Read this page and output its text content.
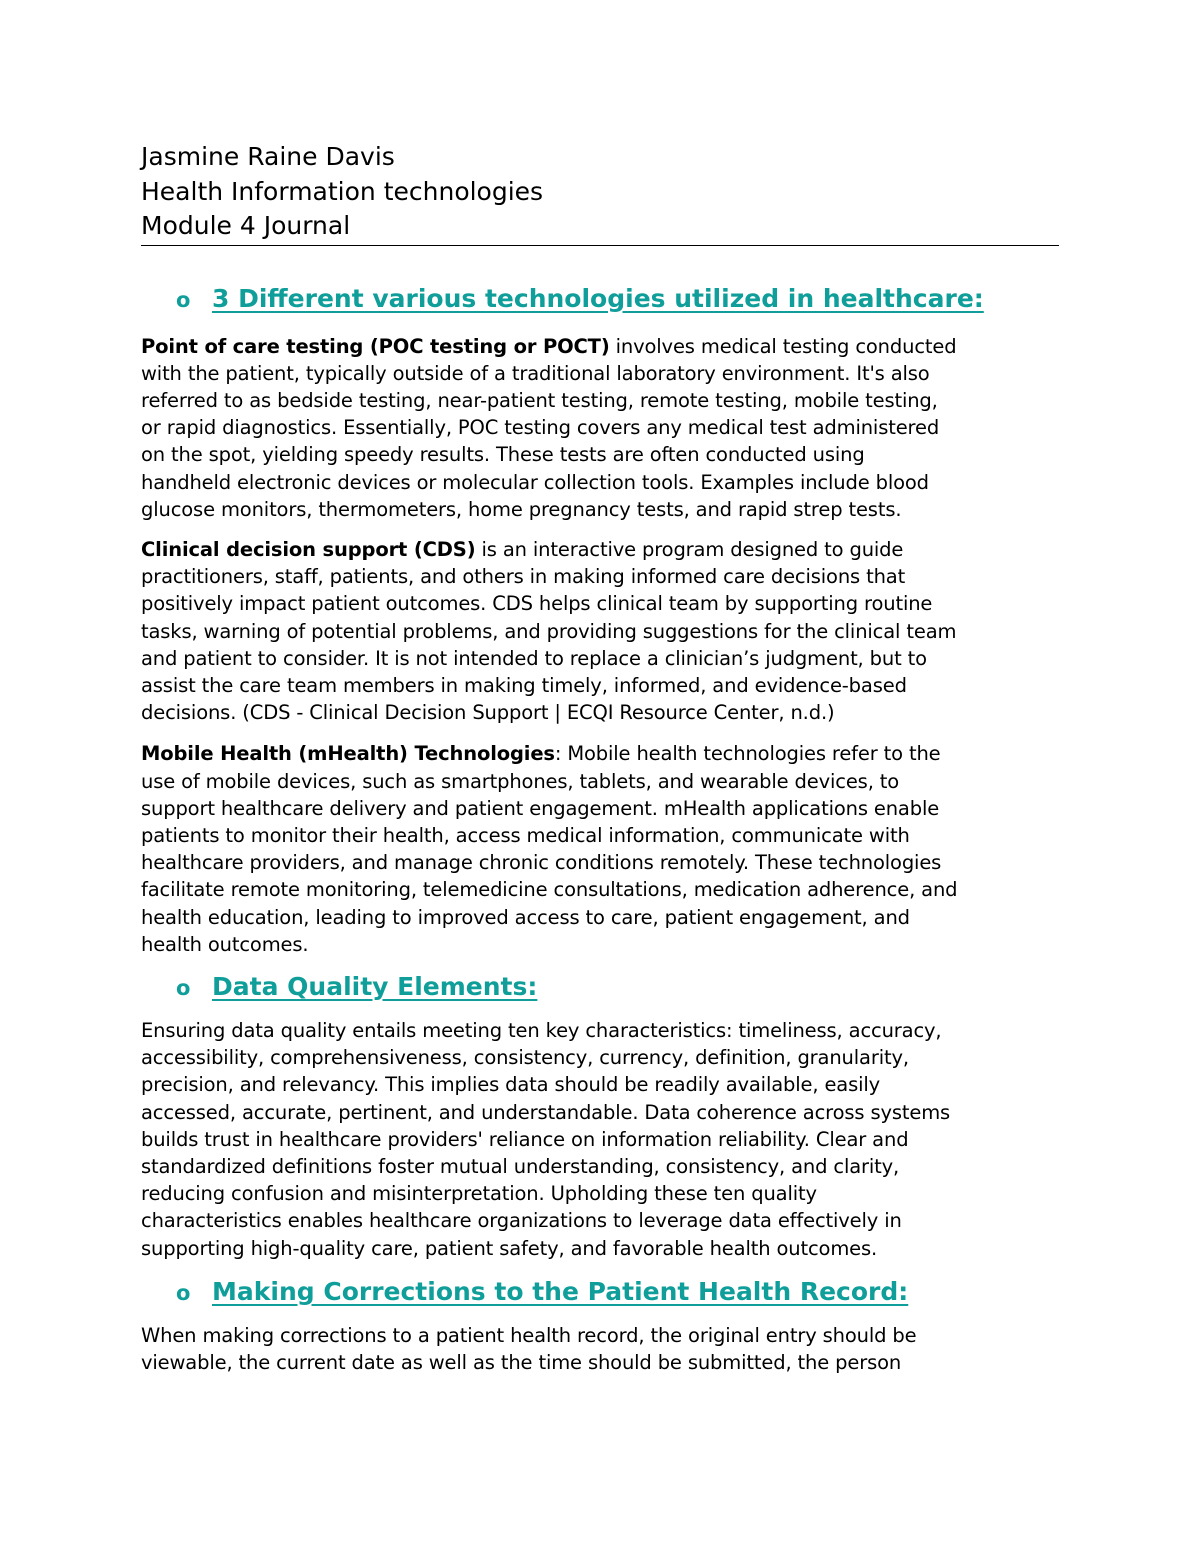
Jasmine Raine Davis

Health Information technologies

Module 4 Journal

o 3 Different various technologies utilized in healthcare:

Point of care testing (POC testing or POCT) involves medical testing conducted
with the patient, typically outside of a traditional laboratory environment. It's also
referred to as bedside testing, near-patient testing, remote testing, mobile testing,
or rapid diagnostics. Essentially, POC testing covers any medical test administered
on the spot, yielding speedy results. These tests are often conducted using
handheld electronic devices or molecular collection tools. Examples include blood
glucose monitors, thermometers, home pregnancy tests, and rapid strep tests.

Clinical decision support (CDS) is an interactive program designed to guide
practitioners, staff, patients, and others in making informed care decisions that
positively impact patient outcomes. CDS helps clinical team by supporting routine
tasks, warning of potential problems, and providing suggestions for the clinical team
and patient to consider. It is not intended to replace a clinician’s judgment, but to
assist the care team members in making timely, informed, and evidence-based
decisions. (CDS - Clinical Decision Support | ECQI Resource Center, n.d.)

Mobile Health (mHealth) Technologies: Mobile health technologies refer to the
use of mobile devices, such as smartphones, tablets, and wearable devices, to
support healthcare delivery and patient engagement. mHealth applications enable
patients to monitor their health, access medical information, communicate with
healthcare providers, and manage chronic conditions remotely. These technologies
facilitate remote monitoring, telemedicine consultations, medication adherence, and
health education, leading to improved access to care, patient engagement, and
health outcomes.

o Data Quality Elements:

Ensuring data quality entails meeting ten key characteristics: timeliness, accuracy,
accessibility, comprehensiveness, consistency, currency, definition, granularity,
precision, and relevancy. This implies data should be readily available, easily
accessed, accurate, pertinent, and understandable. Data coherence across systems
builds trust in healthcare providers' reliance on information reliability. Clear and
standardized definitions foster mutual understanding, consistency, and clarity,
reducing confusion and misinterpretation. Upholding these ten quality
characteristics enables healthcare organizations to leverage data effectively in
supporting high-quality care, patient safety, and favorable health outcomes.

o Making Corrections to the Patient Health Record:

When making corrections to a patient health record, the original entry should be
viewable, the current date as well as the time should be submitted, the person
